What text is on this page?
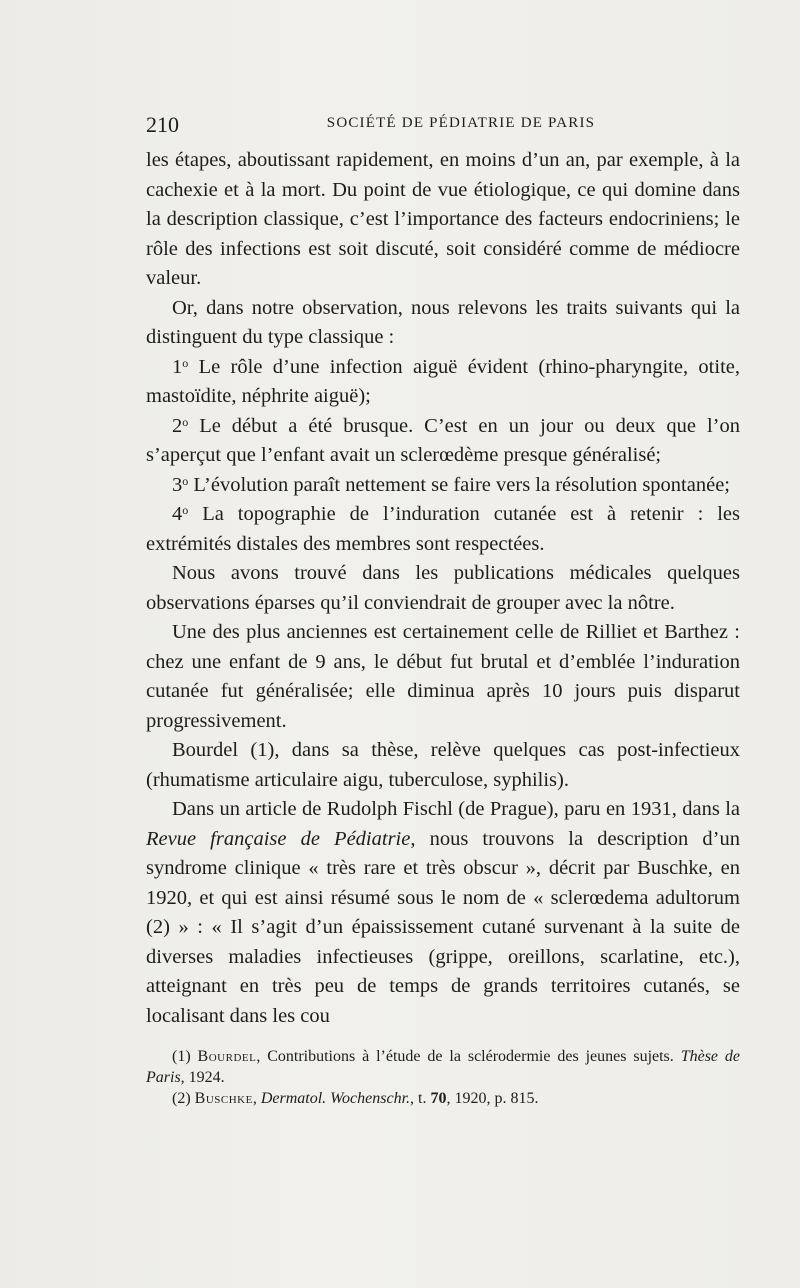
210	SOCIÉTÉ DE PÉDIATRIE DE PARIS

les étapes, aboutissant rapidement, en moins d’un an, par exemple, à la cachexie et à la mort. Du point de vue étiologique, ce qui domine dans la description classique, c’est l’importance des facteurs endocriniens; le rôle des infections est soit discuté, soit considéré comme de médiocre valeur.

Or, dans notre observation, nous relevons les traits suivants qui la distinguent du type classique :

1$^o$ Le rôle d’une infection aiguë évident (rhino-pharyngite, otite, mastoïdite, néphrite aiguë);

2$^o$ Le début a été brusque. C’est en un jour ou deux que l’on s’aperçut que l’enfant avait un sclerœdème presque généralisé;

3$^o$ L’évolution paraît nettement se faire vers la résolution spontanée;

4$^o$ La topographie de l’induration cutanée est à retenir : les extrémités distales des membres sont respectées.

Nous avons trouvé dans les publications médicales quelques observations éparses qu’il conviendrait de grouper avec la nôtre.

Une des plus anciennes est certainement celle de Rilliet et Barthez : chez une enfant de 9 ans, le début fut brutal et d’emblée l’induration cutanée fut généralisée; elle diminua après 10 jours puis disparut progressivement.

Bourdel (1), dans sa thèse, relève quelques cas post-infectieux (rhumatisme articulaire aigu, tuberculose, syphilis).

Dans un article de Rudolph Fischl (de Prague), paru en 1931, dans la Revue française de Pédiatrie, nous trouvons la description d’un syndrome clinique « très rare et très obscur », décrit par Buschke, en 1920, et qui est ainsi résumé sous le nom de « sclerœdema adultorum (2) » : « Il s’agit d’un épaississement cutané survenant à la suite de diverses maladies infectieuses (grippe, oreillons, scarlatine, etc.), atteignant en très peu de temps de grands territoires cutanés, se localisant dans les cou

(1) Bourdel, Contributions à l’étude de la sclérodermie des jeunes sujets. Thèse de Paris, 1924.

(2) Buschke, Dermatol. Wochenschr., t. 70, 1920, p. 815.
